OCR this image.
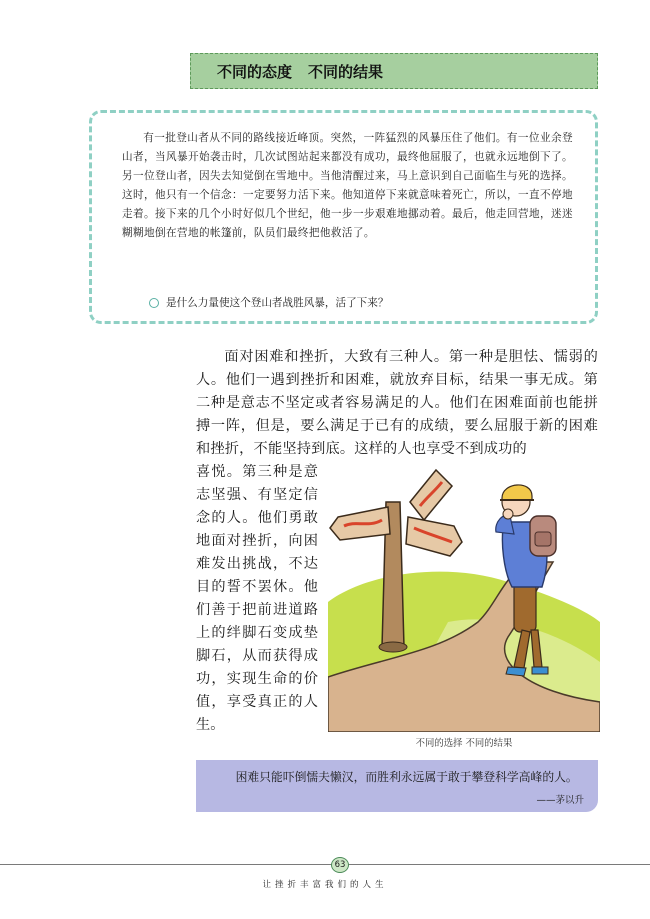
不同的态度 不同的结果

有一批登山者从不同的路线接近峰顶。突然，一阵猛烈的风暴压住了他们。有一位业余登山者，当风暴开始袭击时，几次试图站起来都没有成功，最终他屈服了，也就永远地倒下了。另一位登山者，因失去知觉倒在雪地中。当他清醒过来，马上意识到自己面临生与死的选择。这时，他只有一个信念：一定要努力活下来。他知道停下来就意味着死亡，所以，一直不停地走着。接下来的几个小时好似几个世纪，他一步一步艰难地挪动着。最后，他走回营地，迷迷糊糊地倒在营地的帐篷前，队员们最终把他救活了。

是什么力量使这个登山者战胜风暴，活了下来？

面对困难和挫折，大致有三种人。第一种是胆怯、懦弱的人。他们一遇到挫折和困难，就放弃目标，结果一事无成。第二种是意志不坚定或者容易满足的人。他们在困难面前也能拼搏一阵，但是，要么满足于已有的成绩，要么屈服于新的困难和挫折，不能坚持到底。这样的人也享受不到成功的

喜悦。第三种是意志坚强、有坚定信念的人。他们勇敢地面对挫折，向困难发出挑战，不达目的誓不罢休。他们善于把前进道路上的绊脚石变成垫脚石，从而获得成功，实现生命的价值，享受真正的人生。

不同的选择 不同的结果

困难只能吓倒懦夫懒汉，而胜利永远属于敢于攀登科学高峰的人。

——茅以升
63
让挫折丰富我们的人生
